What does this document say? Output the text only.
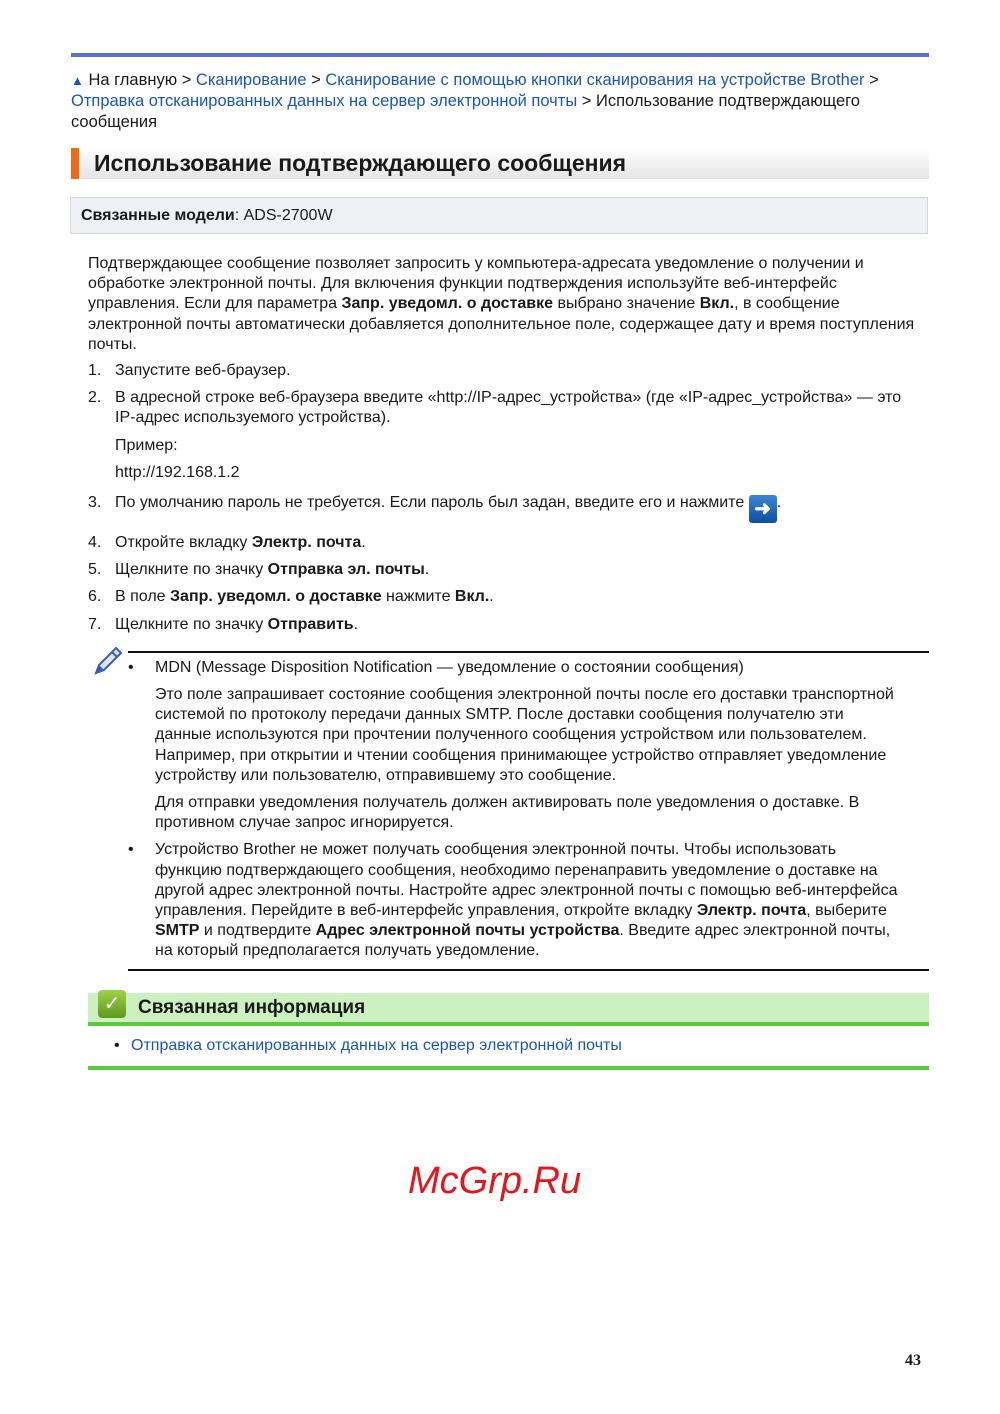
▲ На главную > Сканирование > Сканирование с помощью кнопки сканирования на устройстве Brother > Отправка отсканированных данных на сервер электронной почты > Использование подтверждающего сообщения
Использование подтверждающего сообщения
Связанные модели: ADS-2700W

Подтверждающее сообщение позволяет запросить у компьютера-адресата уведомление о получении и обработке электронной почты. Для включения функции подтверждения используйте веб-интерфейс управления. Если для параметра Запр. уведомл. о доставке выбрано значение Вкл., в сообщение электронной почты автоматически добавляется дополнительное поле, содержащее дату и время поступления почты.

1. Запустите веб-браузер.
2. В адресной строке веб-браузера введите «http://IP-адрес_устройства» (где «IP-адрес_устройства» — это IP-адрес используемого устройства).
Пример:
http://192.168.1.2
3. По умолчанию пароль не требуется. Если пароль был задан, введите его и нажмите ➜ .
4. Откройте вкладку Электр. почта.
5. Щелкните по значку Отправка эл. почты.
6. В поле Запр. уведомл. о доставке нажмите Вкл..
7. Щелкните по значку Отправить.
• MDN (Message Disposition Notification — уведомление о состоянии сообщения)

Это поле запрашивает состояние сообщения электронной почты после его доставки транспортной системой по протоколу передачи данных SMTP. После доставки сообщения получателю эти данные используются при прочтении полученного сообщения устройством или пользователем. Например, при открытии и чтении сообщения принимающее устройство отправляет уведомление устройству или пользователю, отправившему это сообщение.

Для отправки уведомления получатель должен активировать поле уведомления о доставке. В противном случае запрос игнорируется.

• Устройство Brother не может получать сообщения электронной почты. Чтобы использовать функцию подтверждающего сообщения, необходимо перенаправить уведомление о доставке на другой адрес электронной почты. Настройте адрес электронной почты с помощью веб-интерфейса управления. Перейдите в веб-интерфейс управления, откройте вкладку Электр. почта, выберите SMTP и подтвердите Адрес электронной почты устройства. Введите адрес электронной почты, на который предполагается получать уведомление.

✓ Связанная информация
• Отправка отсканированных данных на сервер электронной почты
McGrp.Ru
43
